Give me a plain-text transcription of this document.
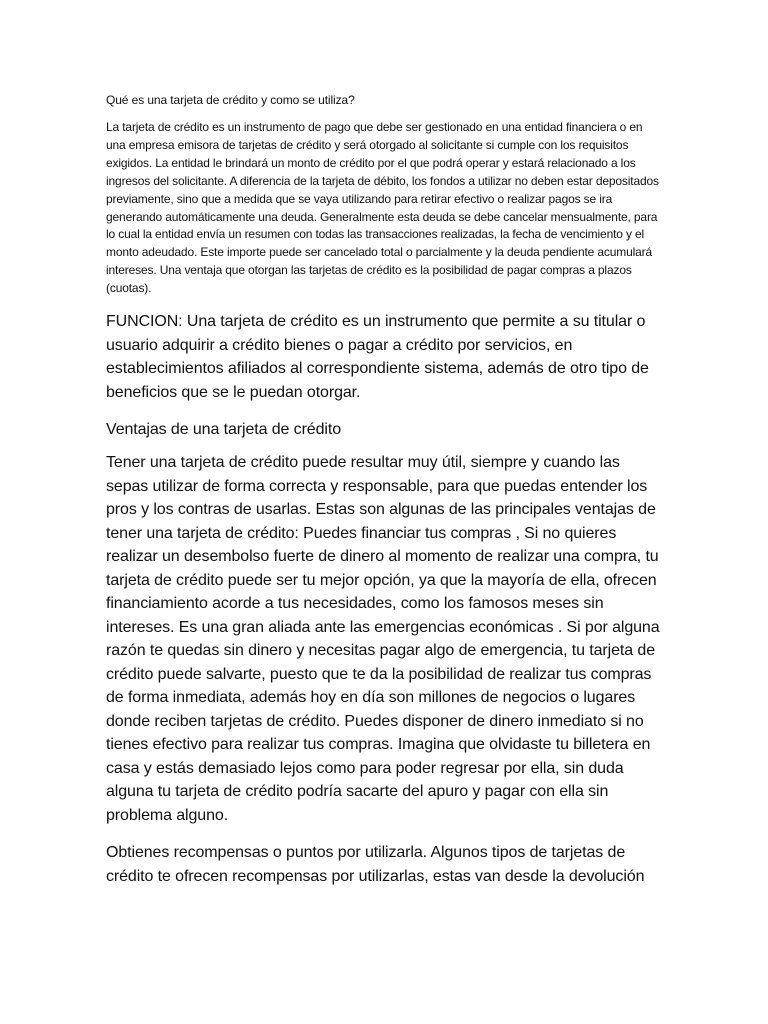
Qué es una tarjeta de crédito y como se utiliza?

La tarjeta de crédito es un instrumento de pago que debe ser gestionado en una entidad financiera o en una empresa emisora de tarjetas de crédito y será otorgado al solicitante si cumple con los requisitos exigidos. La entidad le brindará un monto de crédito por el que podrá operar y estará relacionado a los ingresos del solicitante. A diferencia de la tarjeta de débito, los fondos a utilizar no deben estar depositados previamente, sino que a medida que se vaya utilizando para retirar efectivo o realizar pagos se ira generando automáticamente una deuda. Generalmente esta deuda se debe cancelar mensualmente, para lo cual la entidad envía un resumen con todas las transacciones realizadas, la fecha de vencimiento y el monto adeudado. Este importe puede ser cancelado total o parcialmente y la deuda pendiente acumulará intereses. Una ventaja que otorgan las tarjetas de crédito es la posibilidad de pagar compras a plazos (cuotas).

FUNCION: Una tarjeta de crédito es un instrumento que permite a su titular o usuario adquirir a crédito bienes o pagar a crédito por servicios, en establecimientos afiliados al correspondiente sistema, además de otro tipo de beneficios que se le puedan otorgar.

Ventajas de una tarjeta de crédito

Tener una tarjeta de crédito puede resultar muy útil, siempre y cuando las sepas utilizar de forma correcta y responsable, para que puedas entender los pros y los contras de usarlas. Estas son algunas de las principales ventajas de tener una tarjeta de crédito: Puedes financiar tus compras , Si no quieres realizar un desembolso fuerte de dinero al momento de realizar una compra, tu tarjeta de crédito puede ser tu mejor opción, ya que la mayoría de ella, ofrecen financiamiento acorde a tus necesidades, como los famosos meses sin intereses. Es una gran aliada ante las emergencias económicas . Si por alguna razón te quedas sin dinero y necesitas pagar algo de emergencia, tu tarjeta de crédito puede salvarte, puesto que te da la posibilidad de realizar tus compras de forma inmediata, además hoy en día son millones de negocios o lugares donde reciben tarjetas de crédito. Puedes disponer de dinero inmediato si no tienes efectivo para realizar tus compras. Imagina que olvidaste tu billetera en casa y estás demasiado lejos como para poder regresar por ella, sin duda alguna tu tarjeta de crédito podría sacarte del apuro y pagar con ella sin problema alguno.

Obtienes recompensas o puntos por utilizarla. Algunos tipos de tarjetas de crédito te ofrecen recompensas por utilizarlas, estas van desde la devolución
